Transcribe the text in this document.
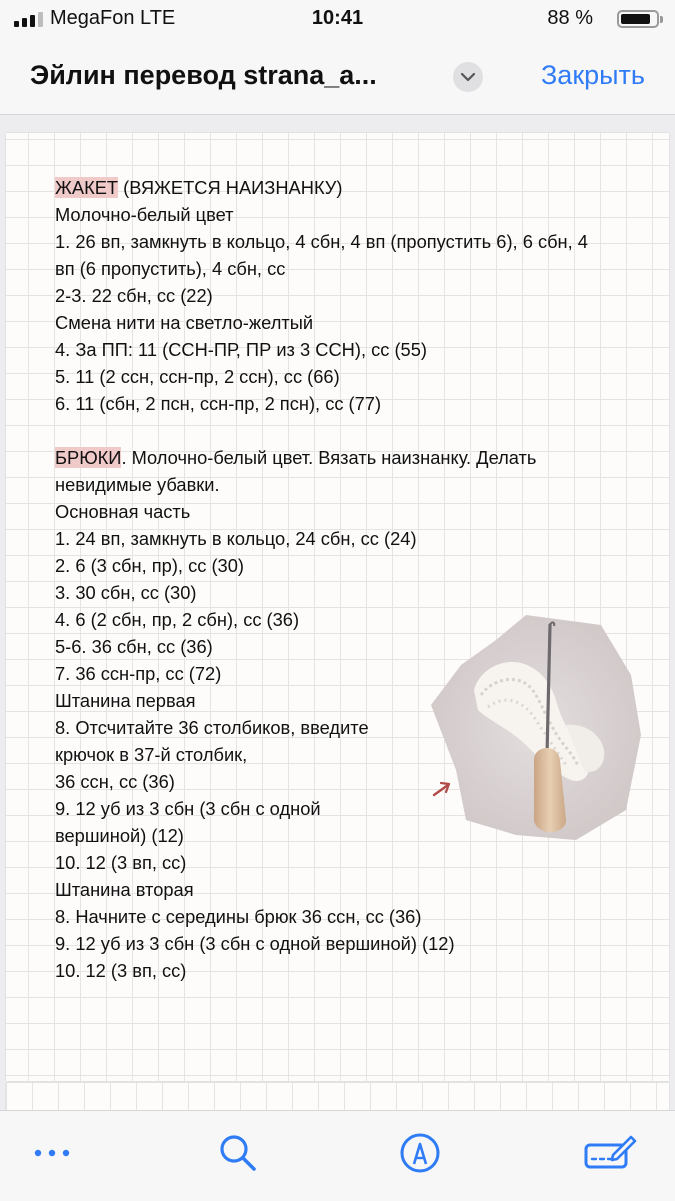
MegaFon LTE	10:41	88 %
Эйлин перевод strana_a...	Закрыть
ЖАКЕТ (ВЯЖЕТСЯ НАИЗНАНКУ)
Молочно-белый цвет
1. 26 вп, замкнуть в кольцо, 4 сбн, 4 вп (пропустить 6), 6 сбн, 4
вп (6 пропустить), 4 сбн, сс
2-3. 22 сбн, сс (22)
Смена нити на светло-желтый
4. За ПП: 11 (ССН-ПР, ПР из 3 ССН), сс (55)
5. 11 (2 ссн, ссн-пр, 2 ссн), сс (66)
6. 11 (сбн, 2 псн, ссн-пр, 2 псн), сс (77)
БРЮКИ. Молочно-белый цвет. Вязать наизнанку. Делать
невидимые убавки.
Основная часть
1. 24 вп, замкнуть в кольцо, 24 сбн, сс (24)
2. 6 (3 сбн, пр), сс (30)
3. 30 сбн, сс (30)
4. 6 (2 сбн, пр, 2 сбн), сс (36)
5-6. 36 сбн, сс (36)
7. 36 ссн-пр, сс (72)
Штанина первая
8. Отсчитайте 36 столбиков, введите
крючок в 37-й столбик,
36 ссн, сс (36)
9. 12 уб из 3 сбн (3 сбн с одной
вершиной) (12)
10. 12 (3 вп, сс)
Штанина вторая
8. Начните с середины брюк 36 ссн, сс (36)
9. 12 уб из 3 сбн (3 сбн с одной вершиной) (12)
10. 12 (3 вп, сс)
